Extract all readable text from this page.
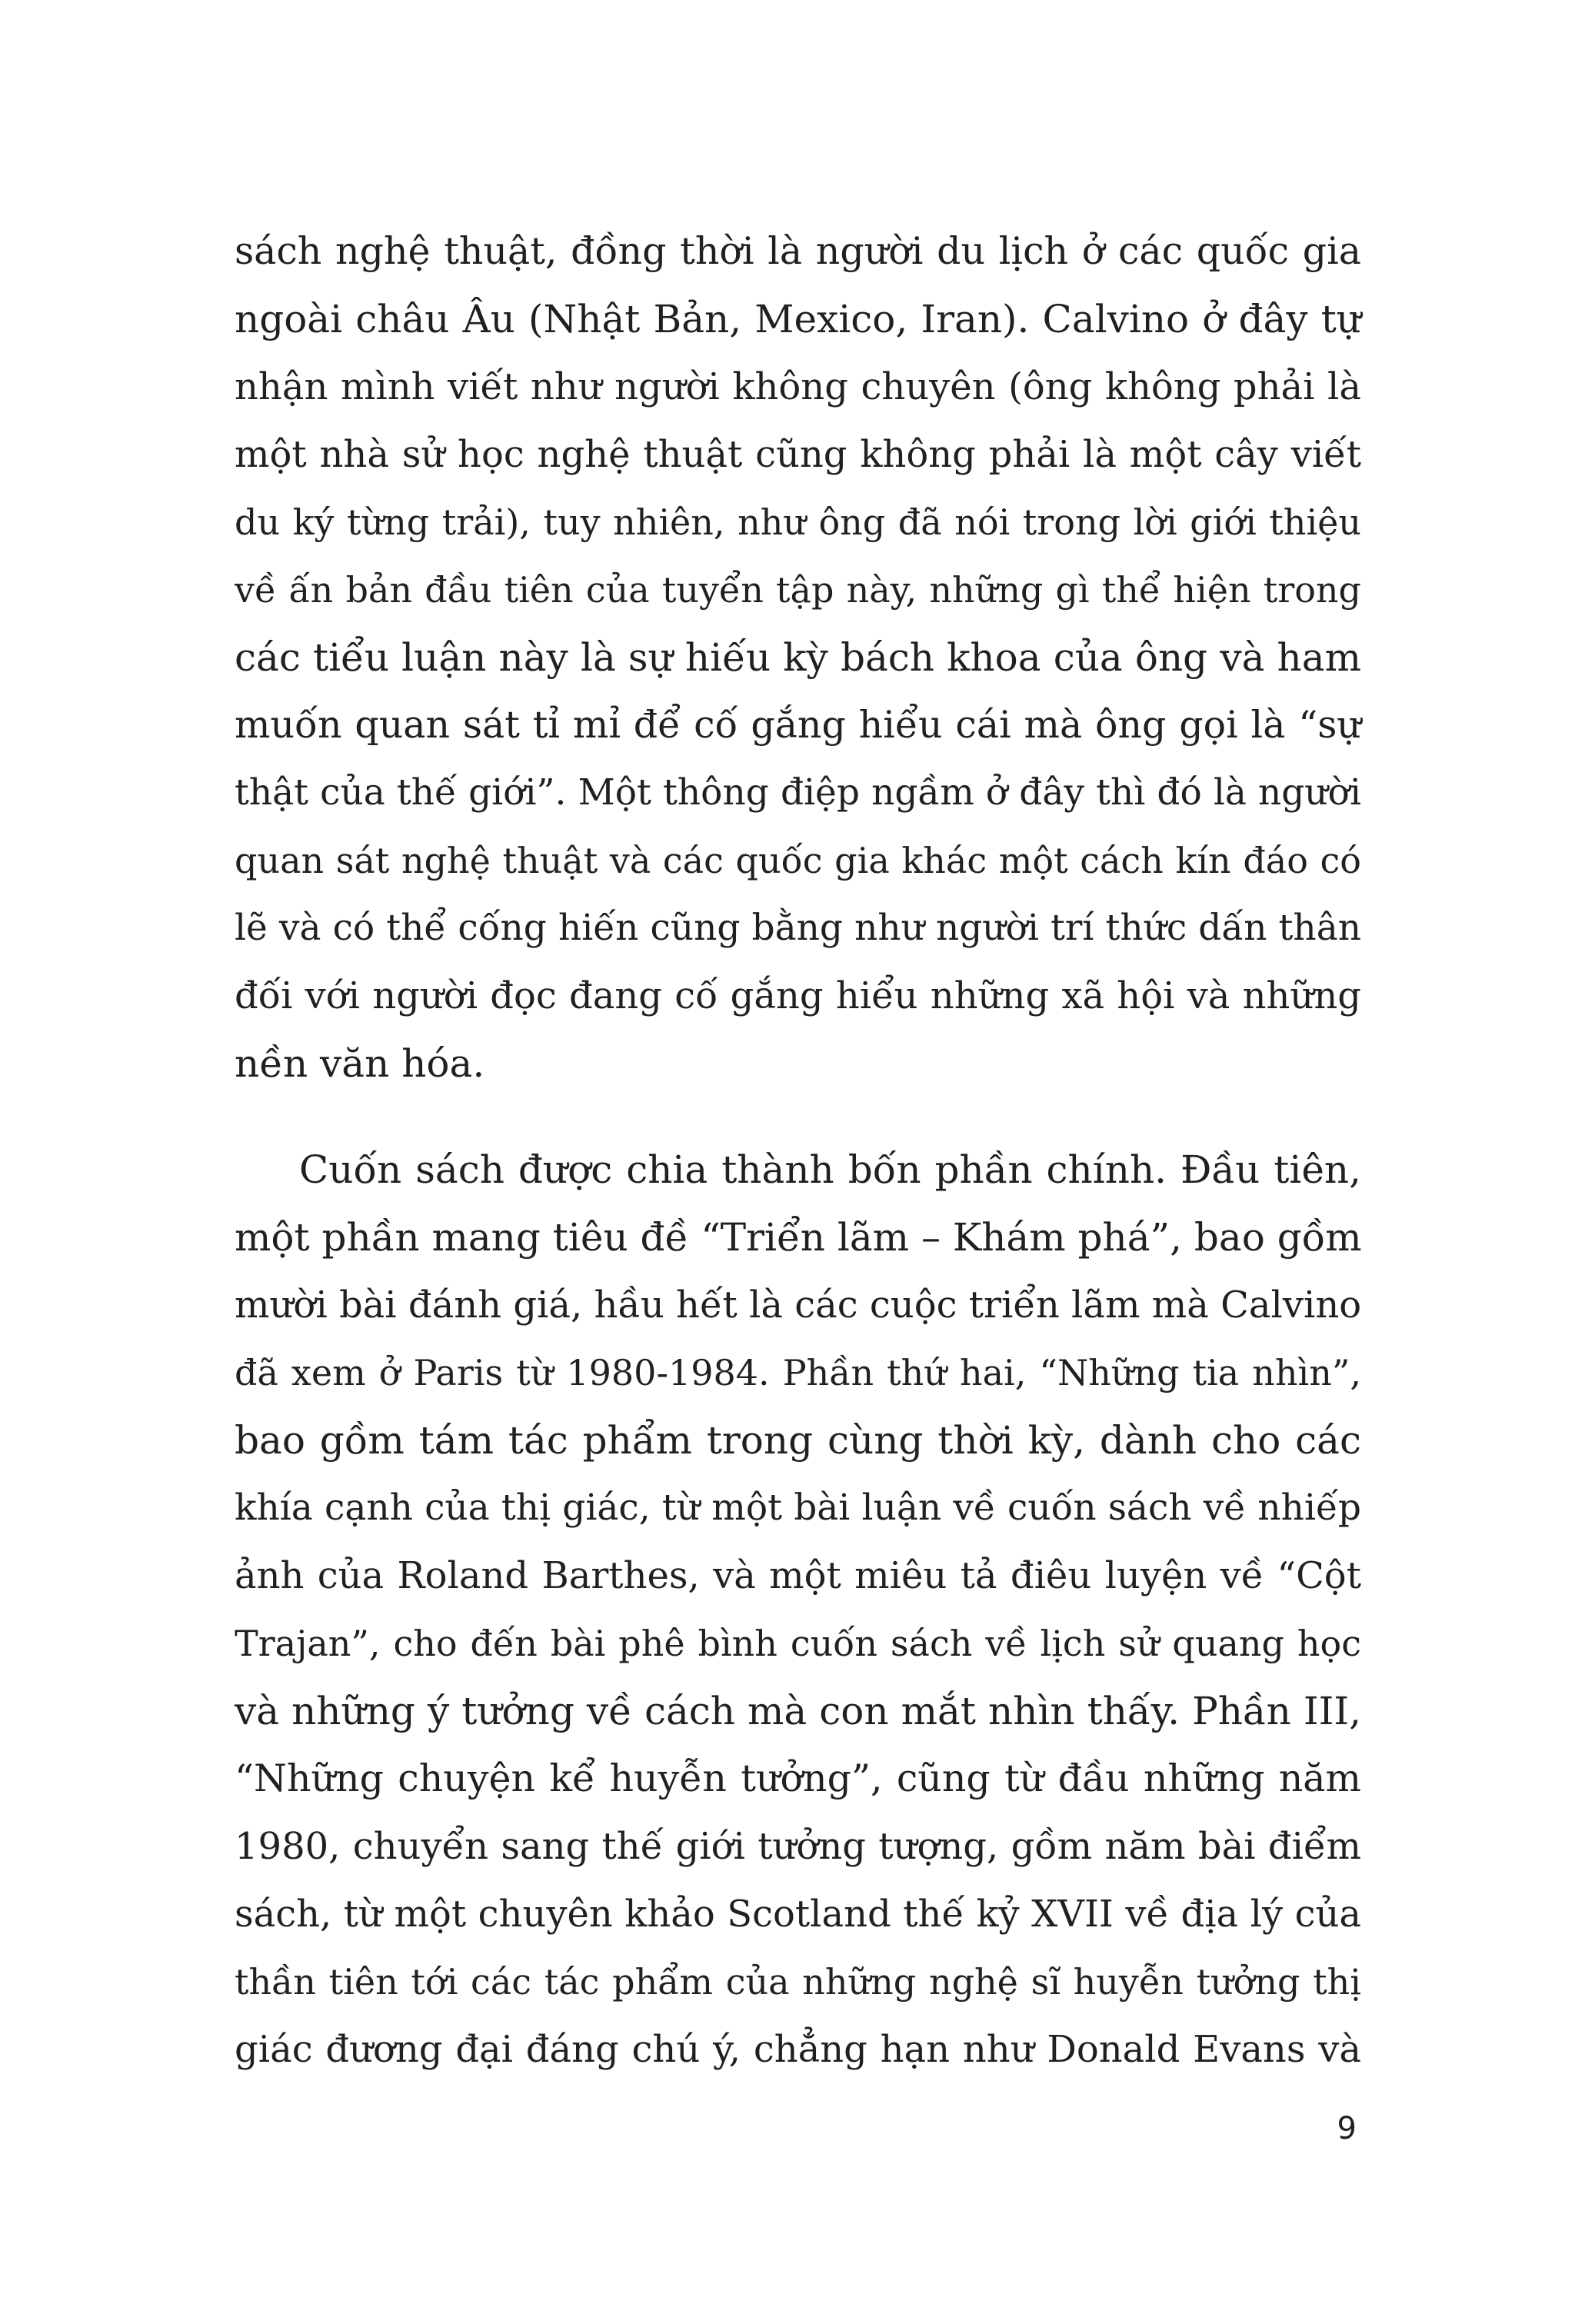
sách nghệ thuật, đồng thời là người du lịch ở các quốc gia
ngoài châu Âu (Nhật Bản, Mexico, Iran). Calvino ở đây tự
nhận mình viết như người không chuyên (ông không phải là
một nhà sử học nghệ thuật cũng không phải là một cây viết
du ký từng trải), tuy nhiên, như ông đã nói trong lời giới thiệu
về ấn bản đầu tiên của tuyển tập này, những gì thể hiện trong
các tiểu luận này là sự hiếu kỳ bách khoa của ông và ham
muốn quan sát tỉ mỉ để cố gắng hiểu cái mà ông gọi là “sự
thật của thế giới”. Một thông điệp ngầm ở đây thì đó là người
quan sát nghệ thuật và các quốc gia khác một cách kín đáo có
lẽ và có thể cống hiến cũng bằng như người trí thức dấn thân
đối với người đọc đang cố gắng hiểu những xã hội và những
nền văn hóa.
Cuốn sách được chia thành bốn phần chính. Đầu tiên,
một phần mang tiêu đề “Triển lãm – Khám phá”, bao gồm
mười bài đánh giá, hầu hết là các cuộc triển lãm mà Calvino
đã xem ở Paris từ 1980-1984. Phần thứ hai, “Những tia nhìn”,
bao gồm tám tác phẩm trong cùng thời kỳ, dành cho các
khía cạnh của thị giác, từ một bài luận về cuốn sách về nhiếp
ảnh của Roland Barthes, và một miêu tả điêu luyện về “Cột
Trajan”, cho đến bài phê bình cuốn sách về lịch sử quang học
và những ý tưởng về cách mà con mắt nhìn thấy. Phần III,
“Những chuyện kể huyễn tưởng”, cũng từ đầu những năm
1980, chuyển sang thế giới tưởng tượng, gồm năm bài điểm
sách, từ một chuyên khảo Scotland thế kỷ XVII về địa lý của
thần tiên tới các tác phẩm của những nghệ sĩ huyễn tưởng thị
giác đương đại đáng chú ý, chẳng hạn như Donald Evans và
9
